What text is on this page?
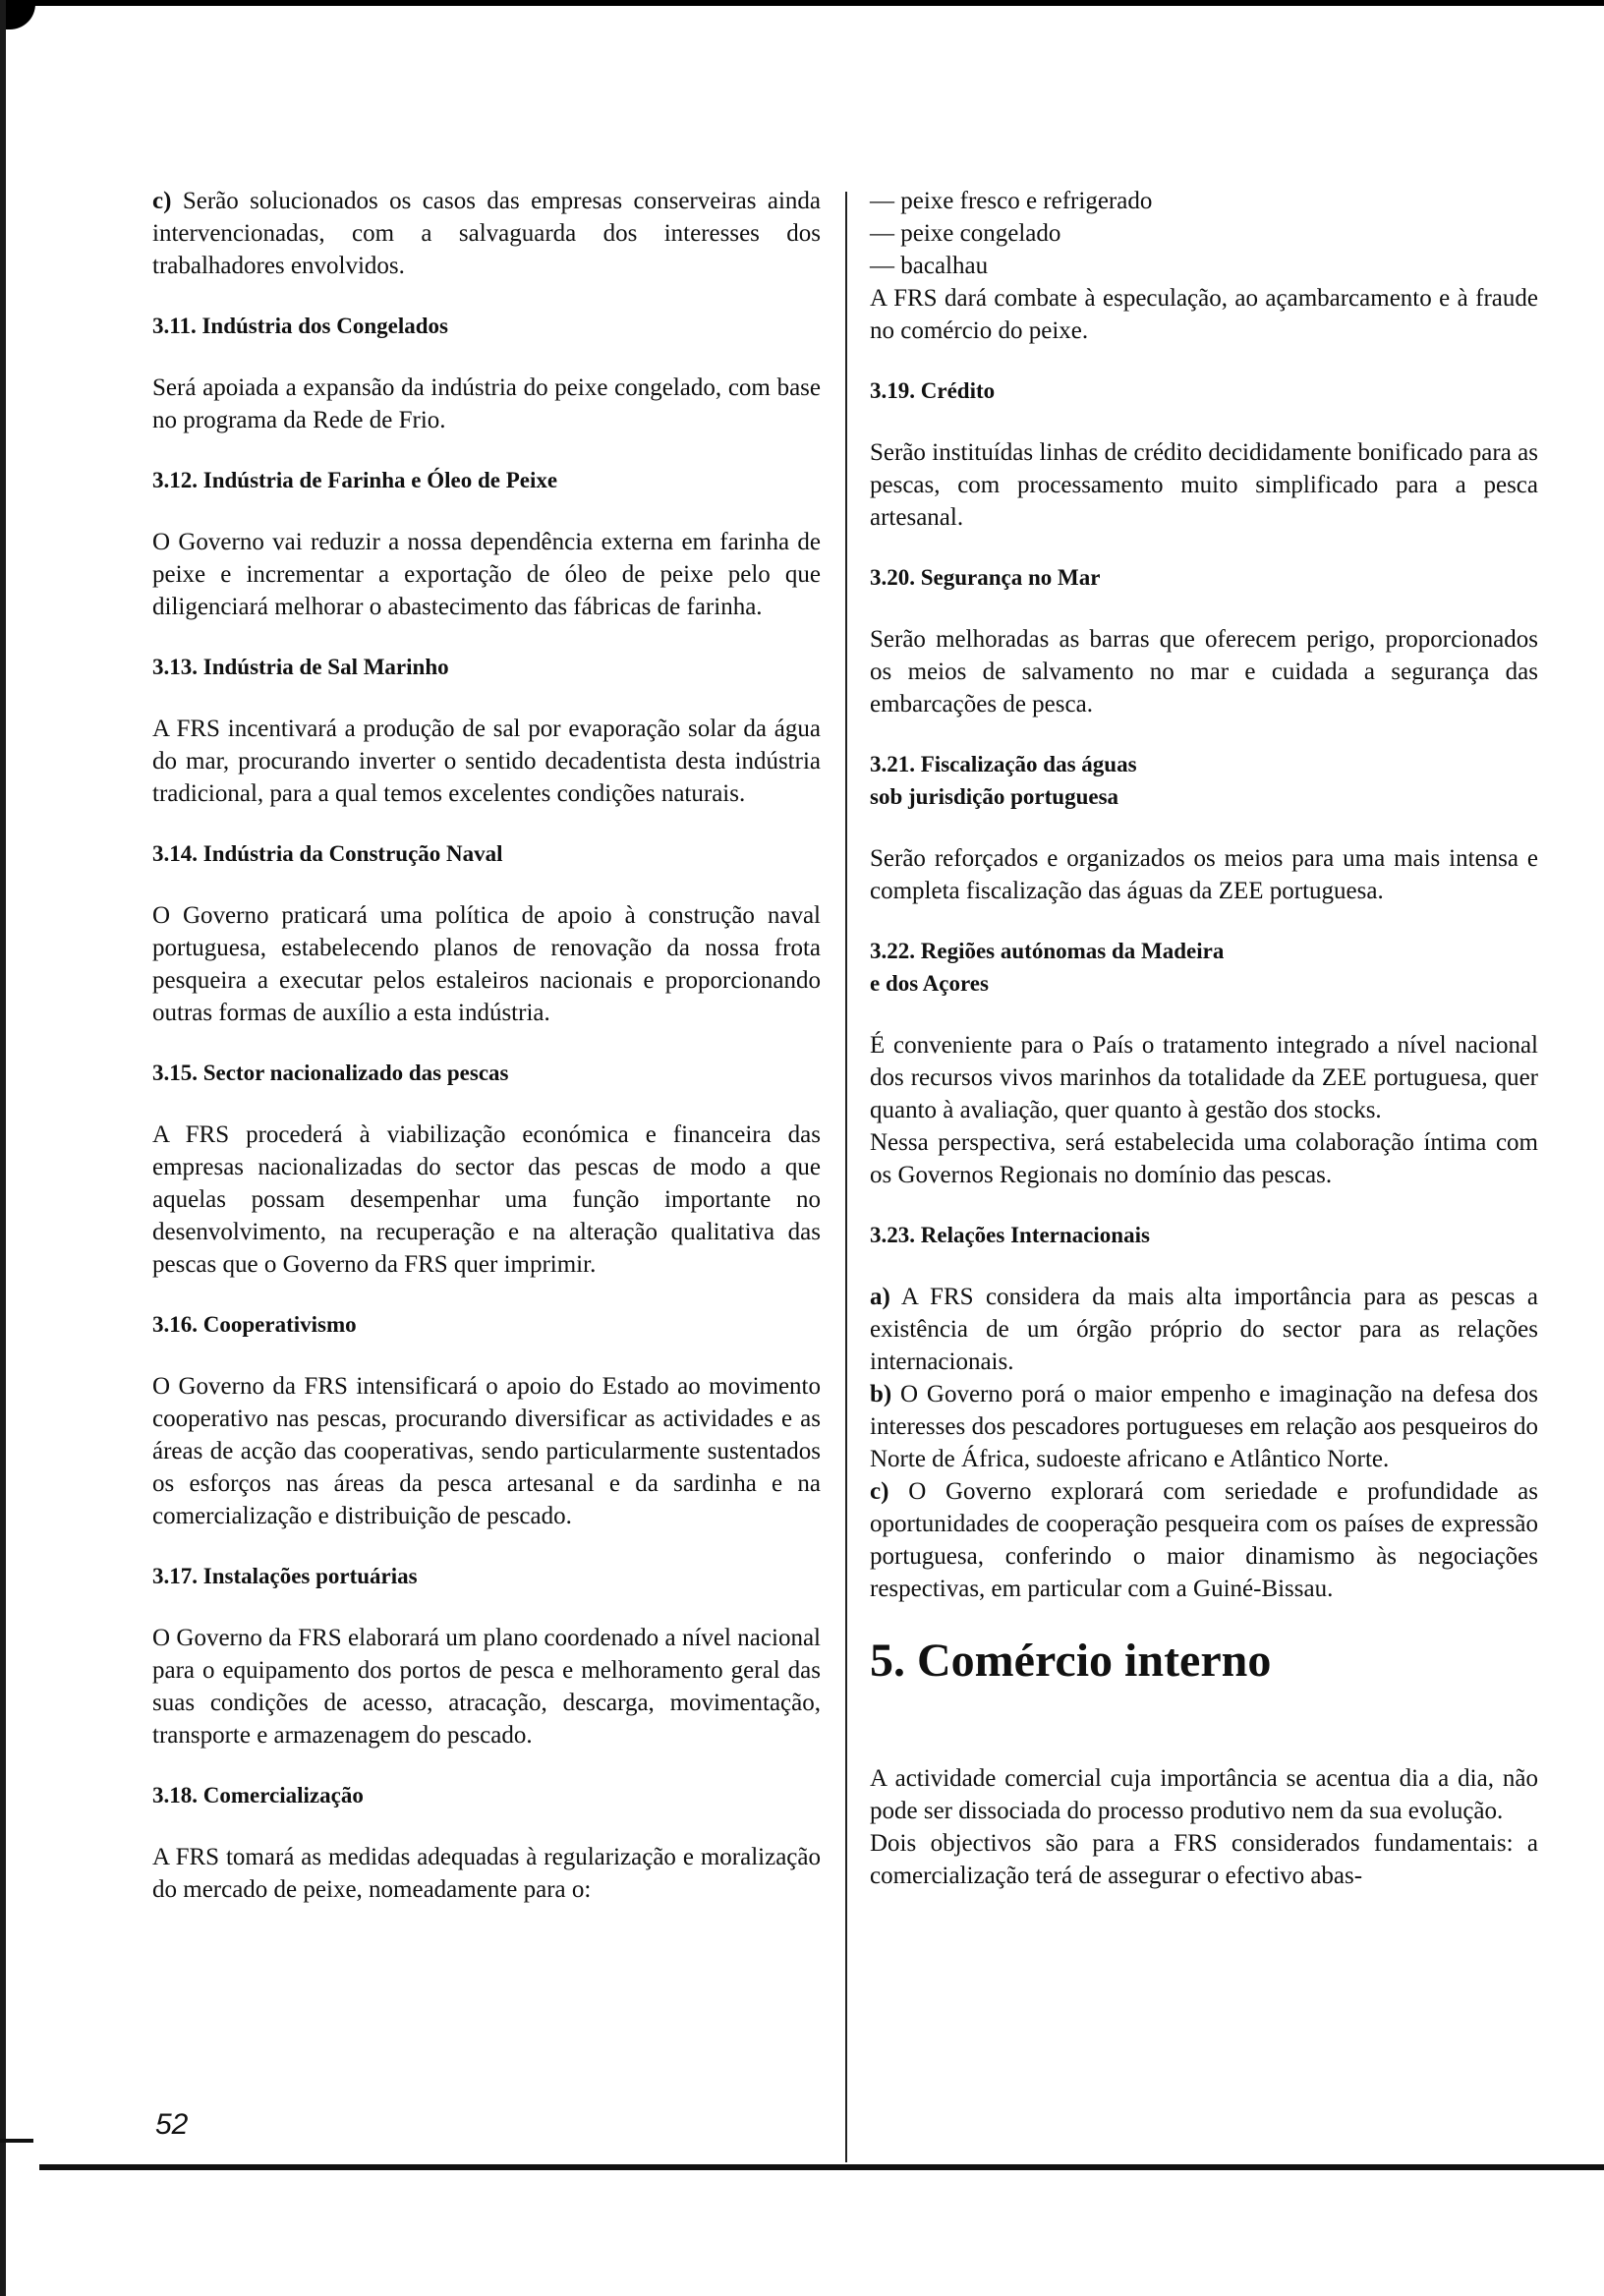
c) Serão solucionados os casos das empresas conserveiras ainda intervencionadas, com a salvaguarda dos interesses dos trabalhadores envolvidos.

3.11. Indústria dos Congelados

Será apoiada a expansão da indústria do peixe congelado, com base no programa da Rede de Frio.

3.12. Indústria de Farinha e Óleo de Peixe

O Governo vai reduzir a nossa dependência externa em farinha de peixe e incrementar a exportação de óleo de peixe pelo que diligenciará melhorar o abastecimento das fábricas de farinha.

3.13. Indústria de Sal Marinho

A FRS incentivará a produção de sal por evaporação solar da água do mar, procurando inverter o sentido decadentista desta indústria tradicional, para a qual temos excelentes condições naturais.

3.14. Indústria da Construção Naval

O Governo praticará uma política de apoio à construção naval portuguesa, estabelecendo planos de renovação da nossa frota pesqueira a executar pelos estaleiros nacionais e proporcionando outras formas de auxílio a esta indústria.

3.15. Sector nacionalizado das pescas

A FRS procederá à viabilização económica e financeira das empresas nacionalizadas do sector das pescas de modo a que aquelas possam desempenhar uma função importante no desenvolvimento, na recuperação e na alteração qualitativa das pescas que o Governo da FRS quer imprimir.

3.16. Cooperativismo

O Governo da FRS intensificará o apoio do Estado ao movimento cooperativo nas pescas, procurando diversificar as actividades e as áreas de acção das cooperativas, sendo particularmente sustentados os esforços nas áreas da pesca artesanal e da sardinha e na comercialização e distribuição de pescado.

3.17. Instalações portuárias

O Governo da FRS elaborará um plano coordenado a nível nacional para o equipamento dos portos de pesca e melhoramento geral das suas condições de acesso, atracação, descarga, movimentação, transporte e armazenagem do pescado.

3.18. Comercialização

A FRS tomará as medidas adequadas à regularização e moralização do mercado de peixe, nomeadamente para o:

— peixe fresco e refrigerado

— peixe congelado

— bacalhau

A FRS dará combate à especulação, ao açambarcamento e à fraude no comércio do peixe.

3.19. Crédito

Serão instituídas linhas de crédito decididamente bonificado para as pescas, com processamento muito simplificado para a pesca artesanal.

3.20. Segurança no Mar

Serão melhoradas as barras que oferecem perigo, proporcionados os meios de salvamento no mar e cuidada a segurança das embarcações de pesca.

3.21. Fiscalização das águas
sob jurisdição portuguesa

Serão reforçados e organizados os meios para uma mais intensa e completa fiscalização das águas da ZEE portuguesa.

3.22. Regiões autónomas da Madeira
e dos Açores

É conveniente para o País o tratamento integrado a nível nacional dos recursos vivos marinhos da totalidade da ZEE portuguesa, quer quanto à avaliação, quer quanto à gestão dos stocks.

Nessa perspectiva, será estabelecida uma colaboração íntima com os Governos Regionais no domínio das pescas.

3.23. Relações Internacionais

a) A FRS considera da mais alta importância para as pescas a existência de um órgão próprio do sector para as relações internacionais.

b) O Governo porá o maior empenho e imaginação na defesa dos interesses dos pescadores portugueses em relação aos pesqueiros do Norte de África, sudoeste africano e Atlântico Norte.

c) O Governo explorará com seriedade e profundidade as oportunidades de cooperação pesqueira com os países de expressão portuguesa, conferindo o maior dinamismo às negociações respectivas, em particular com a Guiné-Bissau.

5. Comércio interno

A actividade comercial cuja importância se acentua dia a dia, não pode ser dissociada do processo produtivo nem da sua evolução.

Dois objectivos são para a FRS considerados fundamentais: a comercialização terá de assegurar o efectivo abas-

52
